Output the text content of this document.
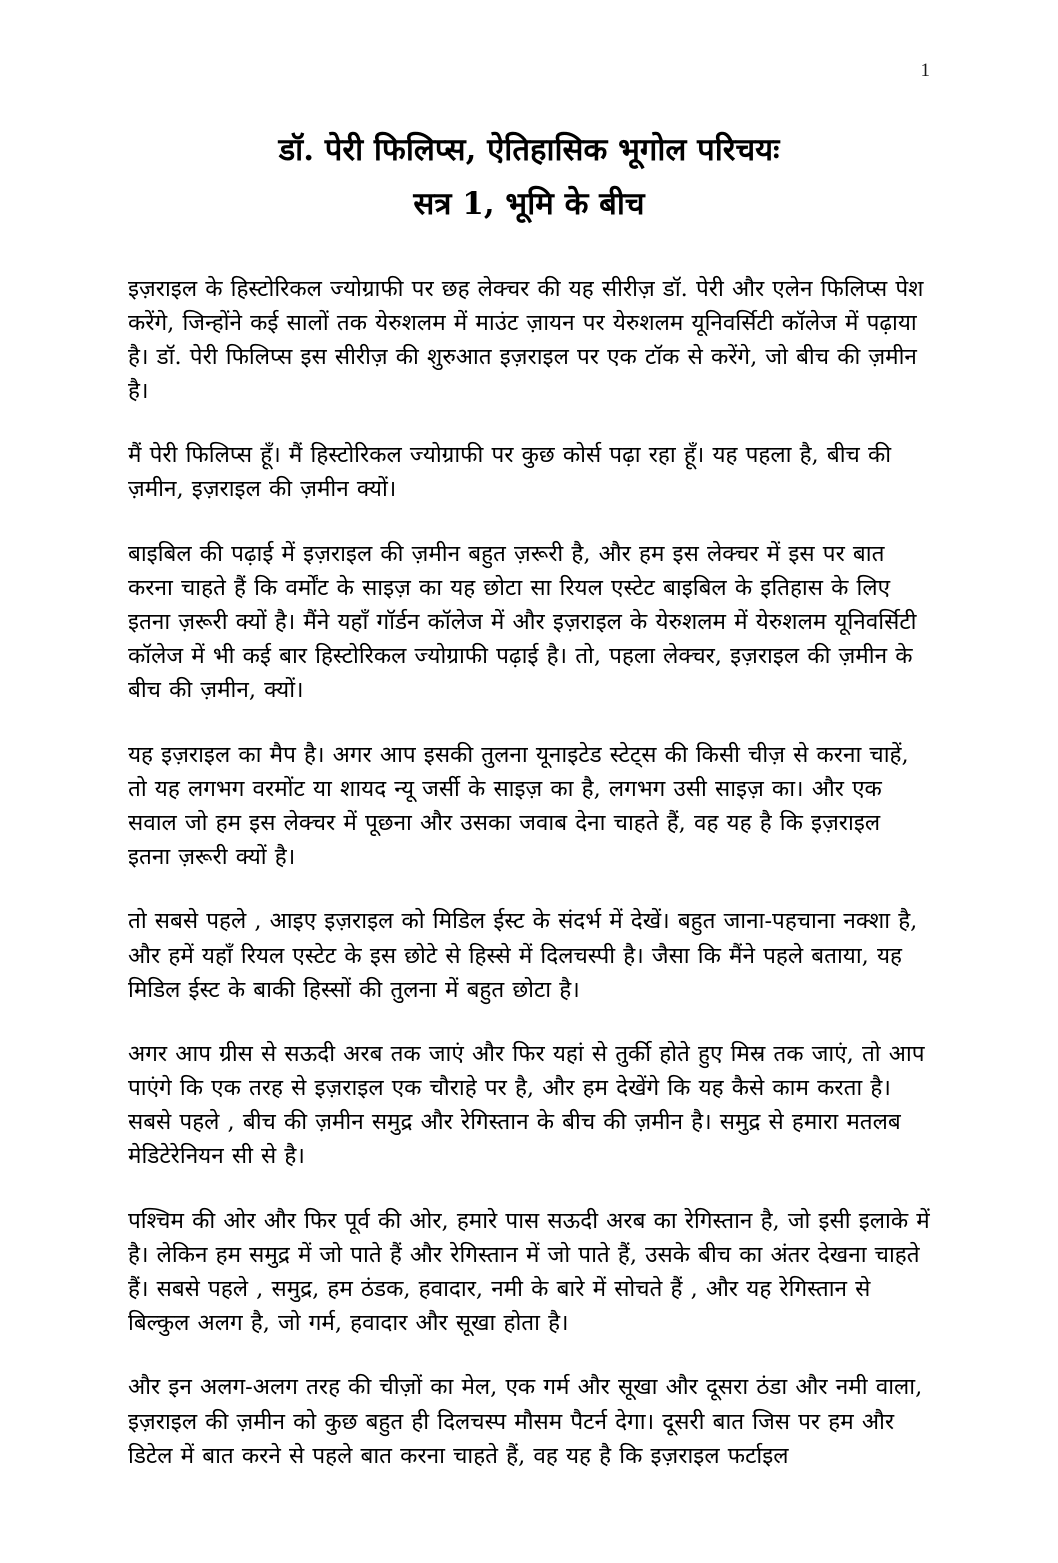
1
डॉ. पेरी फिलिप्स, ऐतिहासिक भूगोल परिचयः
सत्र 1, भूमि के बीच

इज़राइल के हिस्टोरिकल ज्योग्राफी पर छह लेक्चर की यह सीरीज़ डॉ. पेरी और एलेन फिलिप्स पेश करेंगे, जिन्होंने कई सालों तक येरुशलम में माउंट ज़ायन पर येरुशलम यूनिवर्सिटी कॉलेज में पढ़ाया है। डॉ. पेरी फिलिप्स इस सीरीज़ की शुरुआत इज़राइल पर एक टॉक से करेंगे, जो बीच की ज़मीन है।

मैं पेरी फिलिप्स हूँ। मैं हिस्टोरिकल ज्योग्राफी पर कुछ कोर्स पढ़ा रहा हूँ। यह पहला है, बीच की ज़मीन, इज़राइल की ज़मीन क्यों।

बाइबिल की पढ़ाई में इज़राइल की ज़मीन बहुत ज़रूरी है, और हम इस लेक्चर में इस पर बात करना चाहते हैं कि वर्मोंट के साइज़ का यह छोटा सा रियल एस्टेट बाइबिल के इतिहास के लिए इतना ज़रूरी क्यों है। मैंने यहाँ गॉर्डन कॉलेज में और इज़राइल के येरुशलम में येरुशलम यूनिवर्सिटी कॉलेज में भी कई बार हिस्टोरिकल ज्योग्राफी पढ़ाई है। तो, पहला लेक्चर, इज़राइल की ज़मीन के बीच की ज़मीन, क्यों।

यह इज़राइल का मैप है। अगर आप इसकी तुलना यूनाइटेड स्टेट्स की किसी चीज़ से करना चाहें, तो यह लगभग वरमोंट या शायद न्यू जर्सी के साइज़ का है, लगभग उसी साइज़ का। और एक सवाल जो हम इस लेक्चर में पूछना और उसका जवाब देना चाहते हैं, वह यह है कि इज़राइल इतना ज़रूरी क्यों है।

तो सबसे पहले , आइए इज़राइल को मिडिल ईस्ट के संदर्भ में देखें। बहुत जाना-पहचाना नक्शा है, और हमें यहाँ रियल एस्टेट के इस छोटे से हिस्से में दिलचस्पी है। जैसा कि मैंने पहले बताया, यह मिडिल ईस्ट के बाकी हिस्सों की तुलना में बहुत छोटा है।

अगर आप ग्रीस से सऊदी अरब तक जाएं और फिर यहां से तुर्की होते हुए मिस्र तक जाएं, तो आप पाएंगे कि एक तरह से इज़राइल एक चौराहे पर है, और हम देखेंगे कि यह कैसे काम करता है। सबसे पहले , बीच की ज़मीन समुद्र और रेगिस्तान के बीच की ज़मीन है। समुद्र से हमारा मतलब मेडिटेरेनियन सी से है।

पश्चिम की ओर और फिर पूर्व की ओर, हमारे पास सऊदी अरब का रेगिस्तान है, जो इसी इलाके में है। लेकिन हम समुद्र में जो पाते हैं और रेगिस्तान में जो पाते हैं, उसके बीच का अंतर देखना चाहते हैं। सबसे पहले , समुद्र, हम ठंडक, हवादार, नमी के बारे में सोचते हैं , और यह रेगिस्तान से बिल्कुल अलग है, जो गर्म, हवादार और सूखा होता है।

और इन अलग-अलग तरह की चीज़ों का मेल, एक गर्म और सूखा और दूसरा ठंडा और नमी वाला, इज़राइल की ज़मीन को कुछ बहुत ही दिलचस्प मौसम पैटर्न देगा। दूसरी बात जिस पर हम और डिटेल में बात करने से पहले बात करना चाहते हैं, वह यह है कि इज़राइल फर्टाइल
